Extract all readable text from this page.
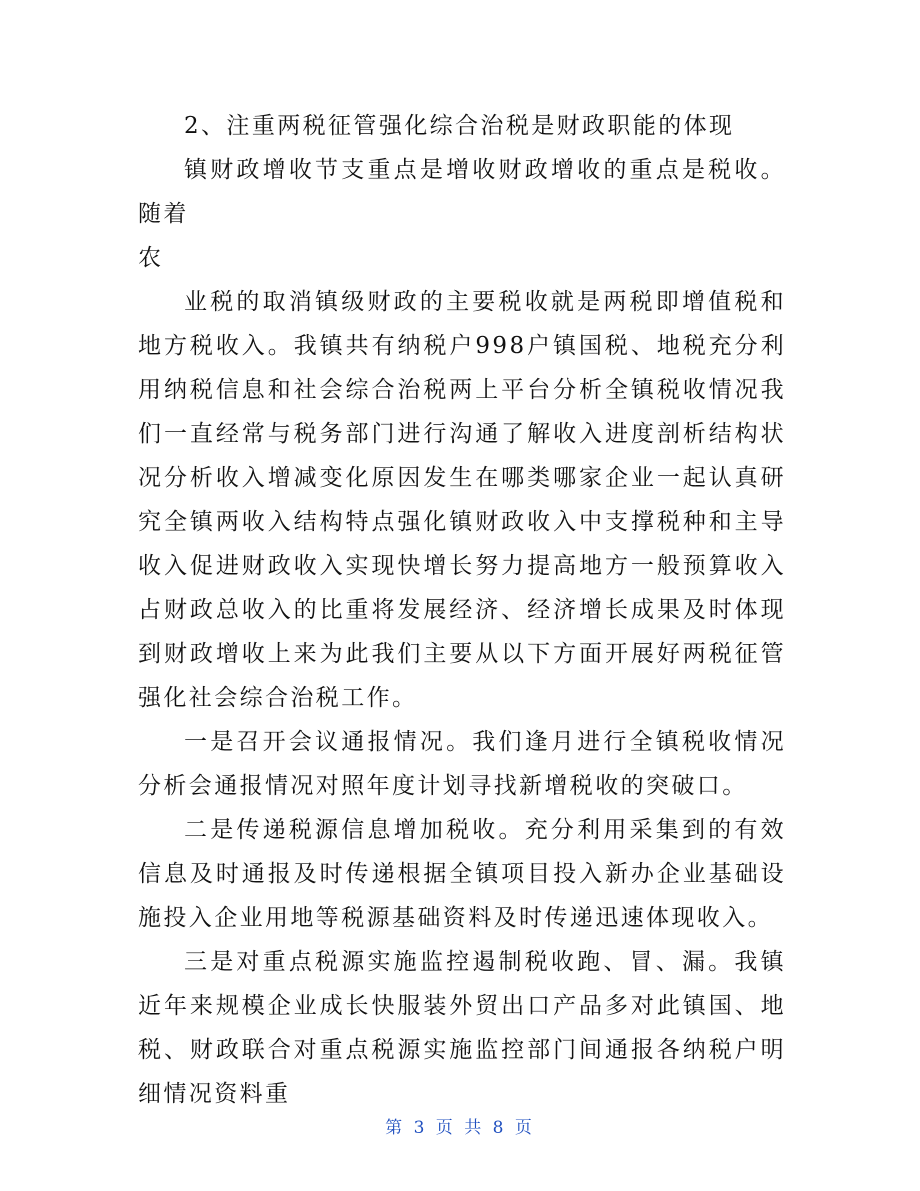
2、注重两税征管强化综合治税是财政职能的体现

镇财政增收节支重点是增收财政增收的重点是税收。随着

农

业税的取消镇级财政的主要税收就是两税即增值税和地方税收入。我镇共有纳税户998户镇国税、地税充分利用纳税信息和社会综合治税两上平台分析全镇税收情况我们一直经常与税务部门进行沟通了解收入进度剖析结构状况分析收入增减变化原因发生在哪类哪家企业一起认真研究全镇两收入结构特点强化镇财政收入中支撑税种和主导收入促进财政收入实现快增长努力提高地方一般预算收入占财政总收入的比重将发展经济、经济增长成果及时体现到财政增收上来为此我们主要从以下方面开展好两税征管强化社会综合治税工作。

一是召开会议通报情况。我们逢月进行全镇税收情况分析会通报情况对照年度计划寻找新增税收的突破口。

二是传递税源信息增加税收。充分利用采集到的有效信息及时通报及时传递根据全镇项目投入新办企业基础设施投入企业用地等税源基础资料及时传递迅速体现收入。

三是对重点税源实施监控遏制税收跑、冒、漏。我镇近年来规模企业成长快服装外贸出口产品多对此镇国、地税、财政联合对重点税源实施监控部门间通报各纳税户明细情况资料重

第 3 页 共 8 页
